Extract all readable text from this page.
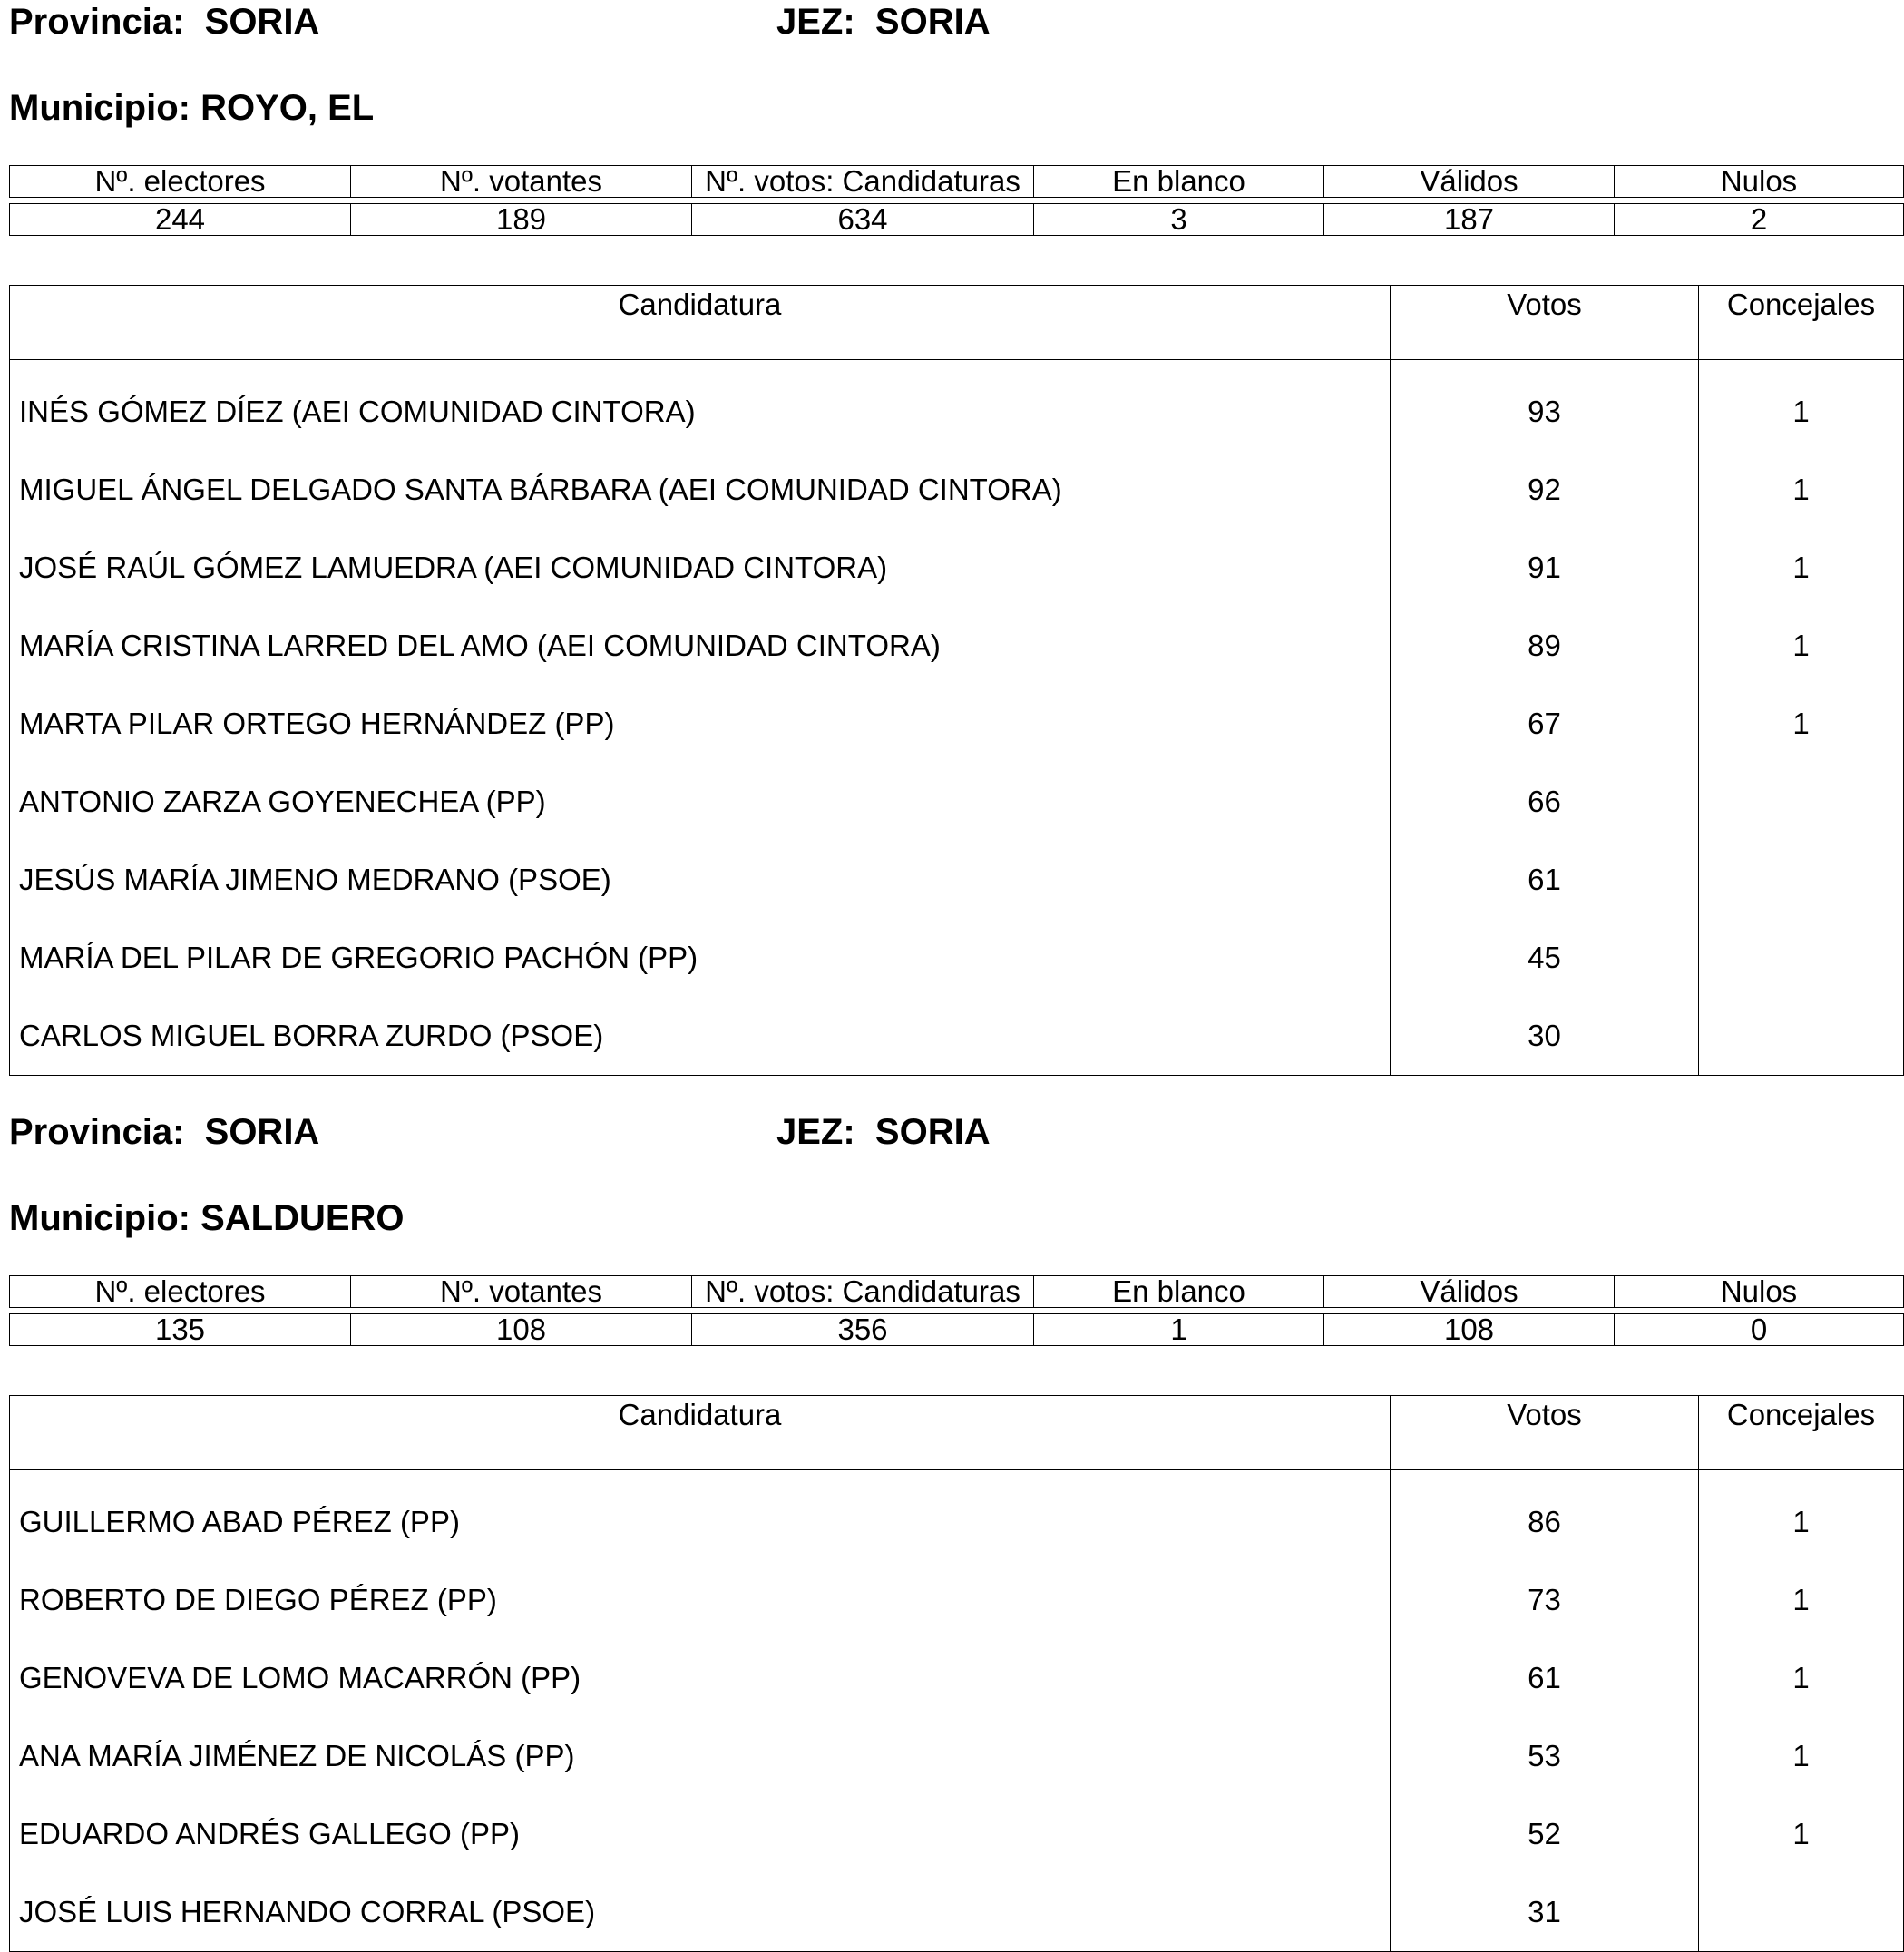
Provincia: SORIA	JEZ: SORIA
Municipio: ROYO, EL
Nº. electores	Nº. votantes	Nº. votos: Candidaturas	En blanco	Válidos	Nulos

244	189	634	3	187	2
Candidatura	Votos	Concejales
INÉS GÓMEZ DÍEZ (AEI COMUNIDAD CINTORA)	93	1
MIGUEL ÁNGEL DELGADO SANTA BÁRBARA (AEI COMUNIDAD CINTORA)	92	1
JOSÉ RAÚL GÓMEZ LAMUEDRA (AEI COMUNIDAD CINTORA)	91	1
MARÍA CRISTINA LARRED DEL AMO (AEI COMUNIDAD CINTORA)	89	1
MARTA PILAR ORTEGO HERNÁNDEZ (PP)	67	1
ANTONIO ZARZA GOYENECHEA (PP)	66	
JESÚS MARÍA JIMENO MEDRANO (PSOE)	61	
MARÍA DEL PILAR DE GREGORIO PACHÓN (PP)	45	
CARLOS MIGUEL BORRA ZURDO (PSOE)	30	
Provincia: SORIA	JEZ: SORIA
Municipio: SALDUERO
Nº. electores	Nº. votantes	Nº. votos: Candidaturas	En blanco	Válidos	Nulos

135	108	356	1	108	0
Candidatura	Votos	Concejales
GUILLERMO ABAD PÉREZ (PP)	86	1
ROBERTO DE DIEGO PÉREZ (PP)	73	1
GENOVEVA DE LOMO MACARRÓN (PP)	61	1
ANA MARÍA JIMÉNEZ DE NICOLÁS (PP)	53	1
EDUARDO ANDRÉS GALLEGO (PP)	52	1
JOSÉ LUIS HERNANDO CORRAL (PSOE)	31	
